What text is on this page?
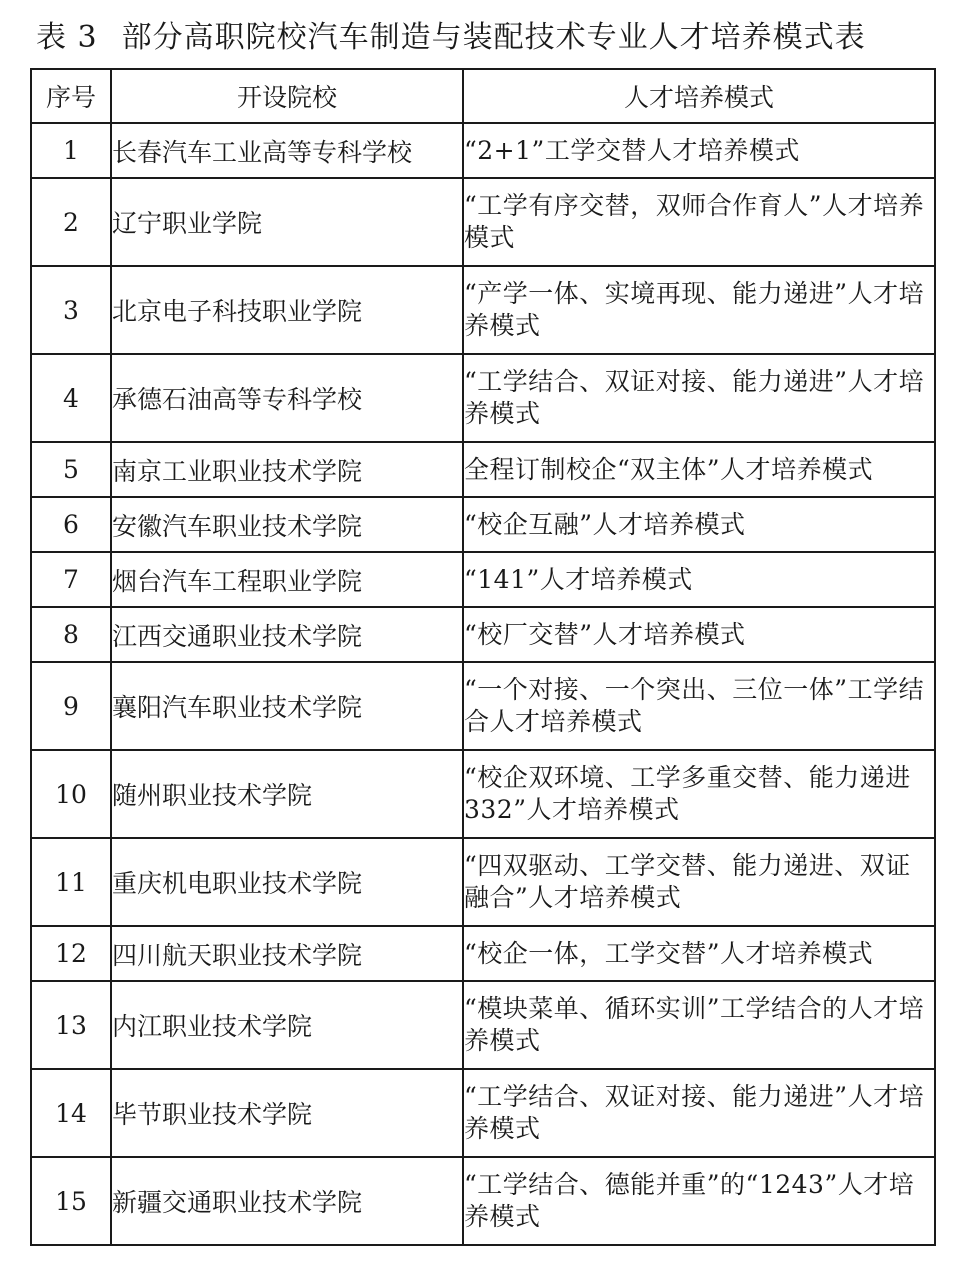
表 3 部分高职院校汽车制造与装配技术专业人才培养模式表
序号	开设院校	人才培养模式
1	长春汽车工业高等专科学校	“2+1”工学交替人才培养模式
2	辽宁职业学院	“工学有序交替，双师合作育人”人才培养模式
3	北京电子科技职业学院	“产学一体、实境再现、能力递进”人才培养模式
4	承德石油高等专科学校	“工学结合、双证对接、能力递进”人才培养模式
5	南京工业职业技术学院	全程订制校企“双主体”人才培养模式
6	安徽汽车职业技术学院	“校企互融”人才培养模式
7	烟台汽车工程职业学院	“141”人才培养模式
8	江西交通职业技术学院	“校厂交替”人才培养模式
9	襄阳汽车职业技术学院	“一个对接、一个突出、三位一体”工学结合人才培养模式
10	随州职业技术学院	“校企双环境、工学多重交替、能力递进 332”人才培养模式
11	重庆机电职业技术学院	“四双驱动、工学交替、能力递进、双证融合”人才培养模式
12	四川航天职业技术学院	“校企一体，工学交替”人才培养模式
13	内江职业技术学院	“模块菜单、循环实训”工学结合的人才培养模式
14	毕节职业技术学院	“工学结合、双证对接、能力递进”人才培养模式
15	新疆交通职业技术学院	“工学结合、德能并重”的“1243”人才培养模式
